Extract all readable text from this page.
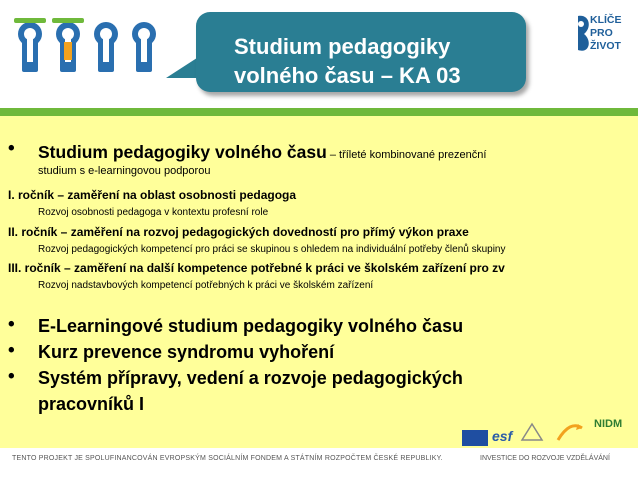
Studium pedagogiky
volného času – KA 03
KLÍČE
PRO
ŽIVOT
• Studium pedagogiky volného času – tříleté kombinované prezenční
studium s e-learningovou podporou
I. ročník – zaměření na oblast osobnosti pedagoga
Rozvoj osobnosti pedagoga v kontextu profesní role
II. ročník – zaměření na rozvoj pedagogických dovedností pro přímý výkon praxe
Rozvoj pedagogických kompetencí pro práci se skupinou s ohledem na individuální potřeby členů skupiny
III. ročník – zaměření na další kompetence potřebné k práci ve školském zařízení pro zv
Rozvoj nadstavbových kompetencí potřebných k práci ve školském zařízení
• E-Learningové studium pedagogiky volného času
• Kurz prevence syndromu vyhoření
• Systém přípravy, vedení a rozvoje pedagogických
pracovníků I
esf
NIDM
TENTO PROJEKT JE SPOLUFINANCOVÁN EVROPSKÝM SOCIÁLNÍM FONDEM A STÁTNÍM ROZPOČTEM ČESKÉ REPUBLIKY.	INVESTICE DO ROZVOJE VZDĚLÁVÁNÍ
